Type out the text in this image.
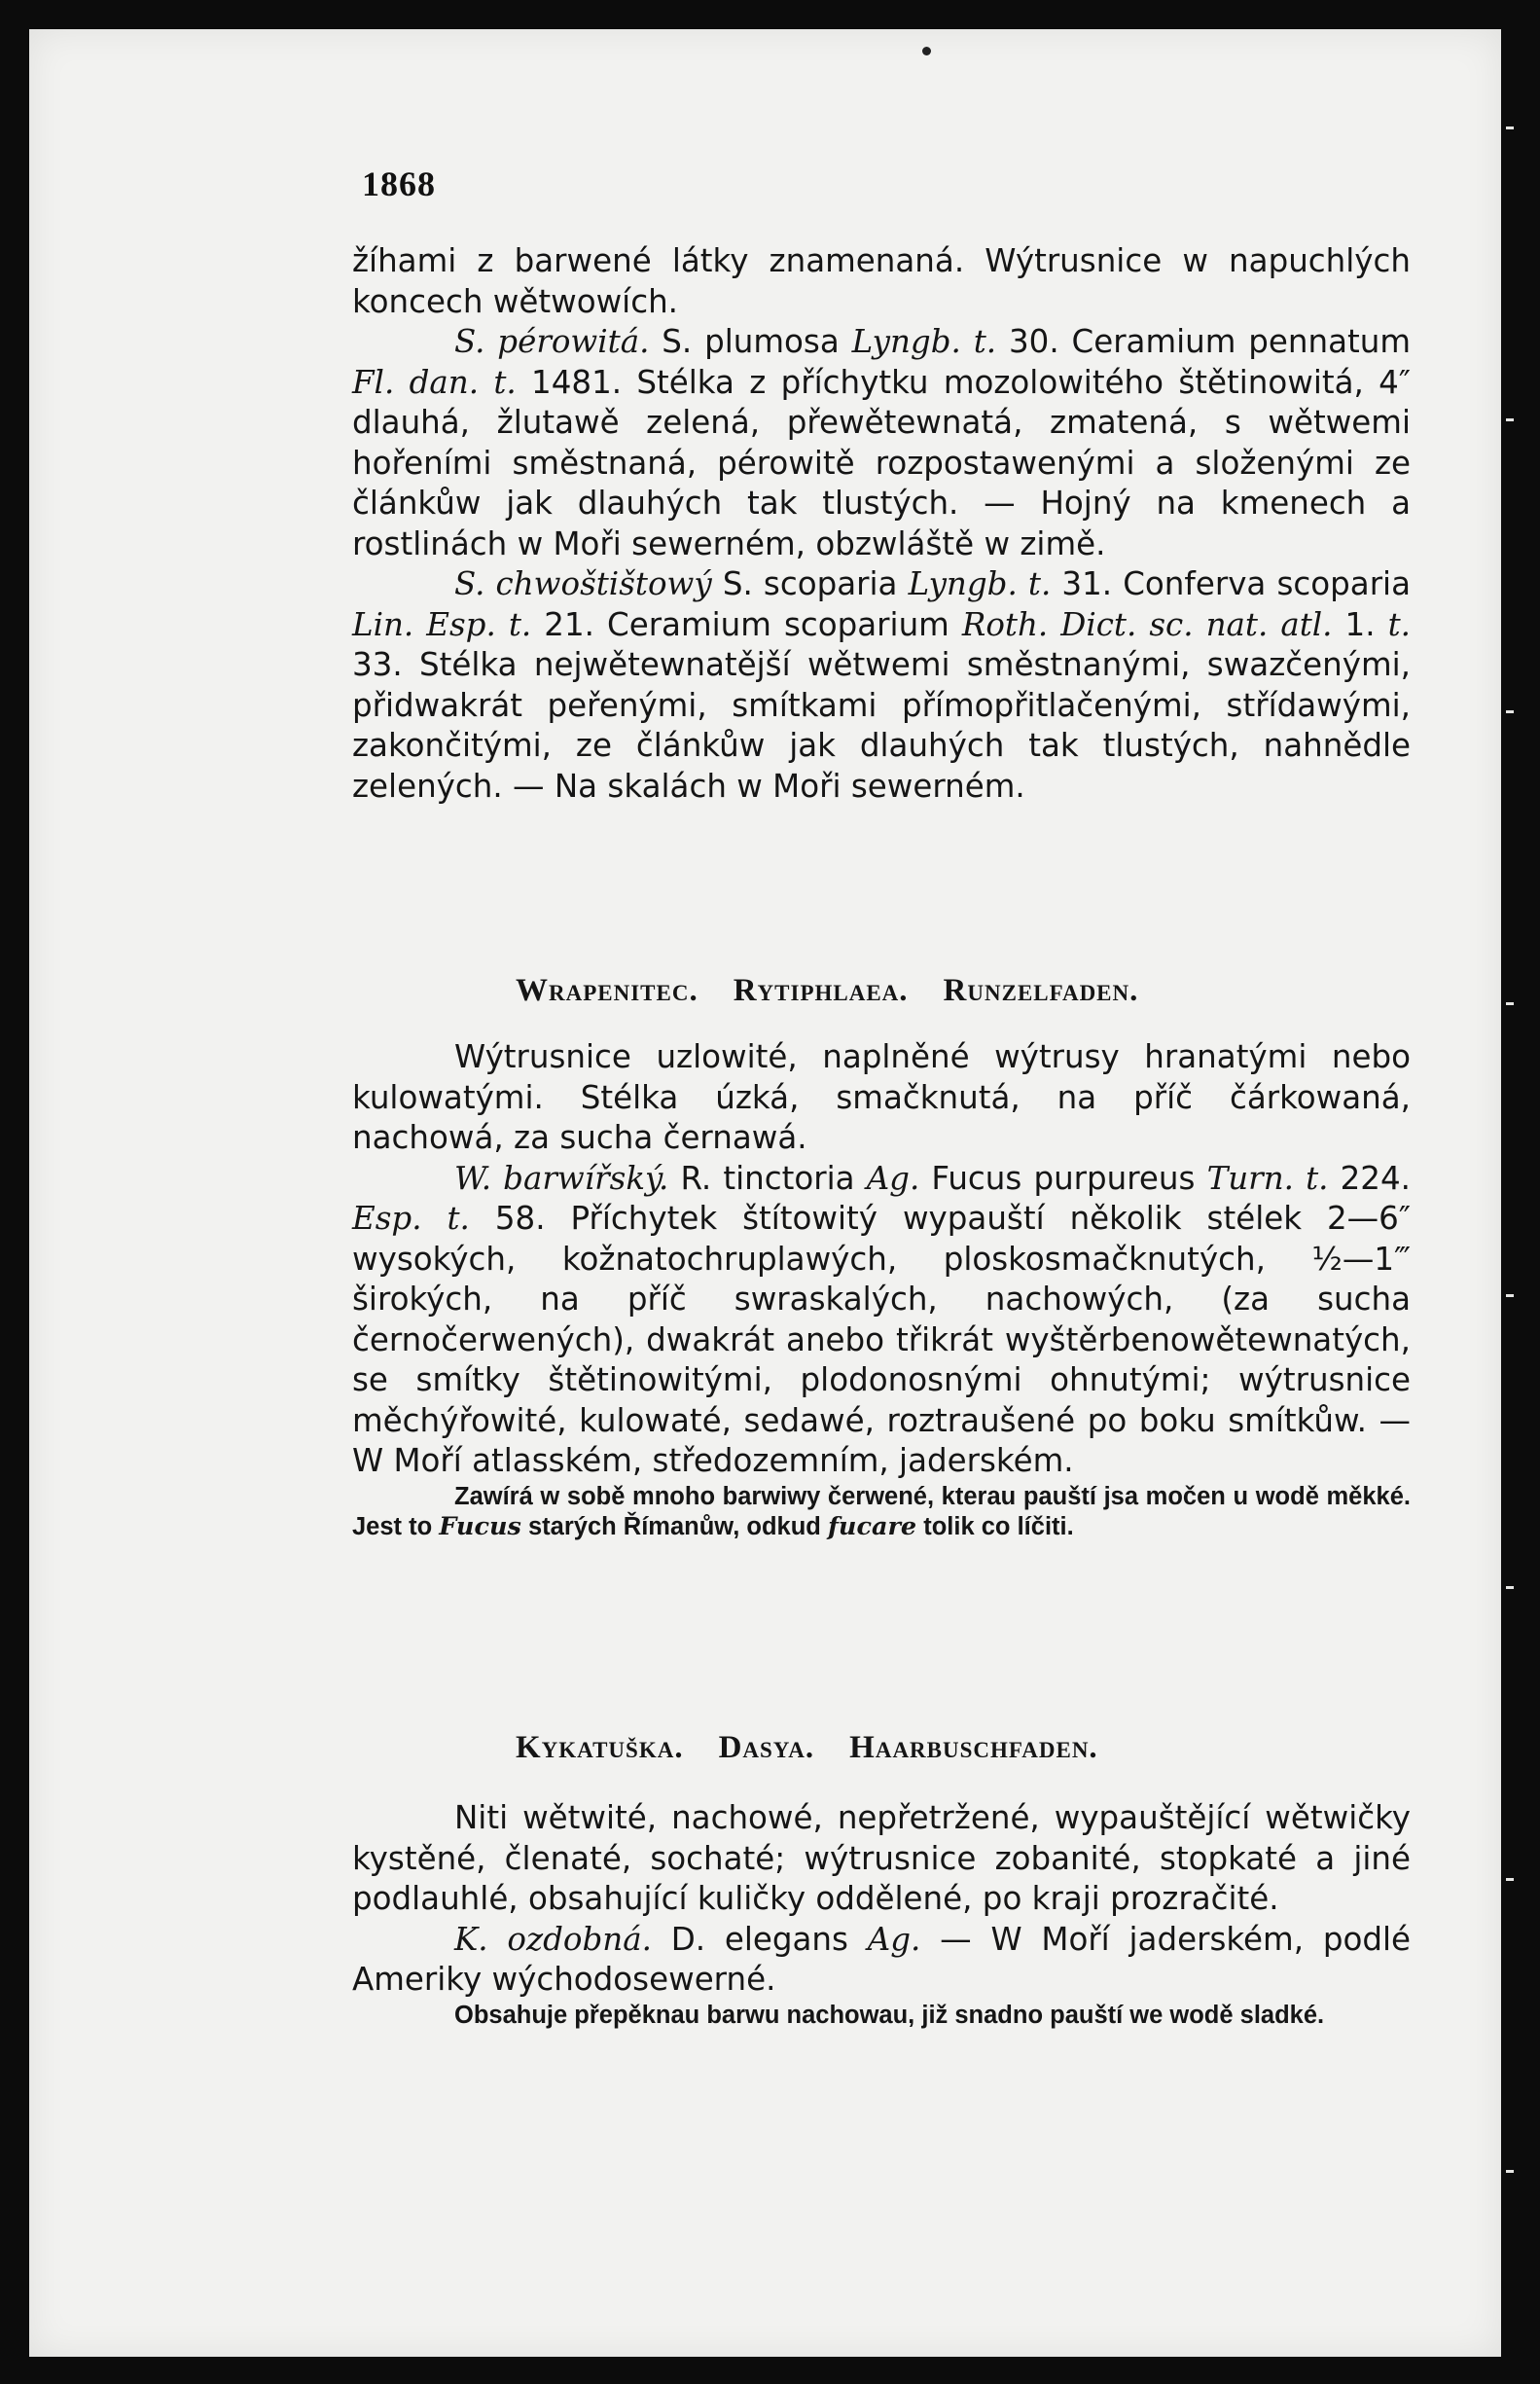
1868

žíhami z barwené látky znamenaná. Wýtrusnice w napuchlých koncech wětwowích.

S. pérowitá. S. plumosa Lyngb. t. 30. Ceramium pennatum Fl. dan. t. 1481. Stélka z příchytku mozolowitého štětinowitá, 4″ dlauhá, žlutawě zelená, přewětewnatá, zmatená, s wětwemi hořeními směstnaná, pérowitě rozpostawenými a složenými ze článkůw jak dlauhých tak tlustých. — Hojný na kmenech a rostlinách w Moři sewerném, obzwláště w zimě.

S. chwoštištowý S. scoparia Lyngb. t. 31. Conferva scoparia Lin. Esp. t. 21. Ceramium scoparium Roth. Dict. sc. nat. atl. 1. t. 33. Stélka nejwětewnatější wětwemi směstnanými, swazčenými, přidwakrát peřenými, smítkami přímopřitlačenými, střídawými, zakončitými, ze článkůw jak dlauhých tak tlustých, nahnědle zelených. — Na skalách w Moři sewerném.

Wrapenitec. Rytiphlaea. Runzelfaden.

Wýtrusnice uzlowité, naplněné wýtrusy hranatými nebo kulowatými. Stélka úzká, smačknutá, na příč čárkowaná, nachowá, za sucha černawá.

W. barwířský. R. tinctoria Ag. Fucus purpureus Turn. t. 224. Esp. t. 58. Příchytek štítowitý wypauští několik stélek 2—6″ wysokých, kožnatochruplawých, ploskosmačknutých, ½—1‴ širokých, na příč swraskalých, nachowých, (za sucha černočerwených), dwakrát anebo třikrát wyštěrbenowětewnatých, se smítky štětinowitými, plodonosnými ohnutými; wýtrusnice měchýřowité, kulowaté, sedawé, roztraušené po boku smítkůw. — W Moří atlasském, středozemním, jaderském.

Zawírá w sobě mnoho barwiwy čerwené, kterau pauští jsa močen u wodě měkké. Jest to Fucus starých Římanůw, odkud fucare tolik co líčiti.

Kykatuška. Dasya. Haarbuschfaden.

Niti wětwité, nachowé, nepřetržené, wypauštějící wětwičky kystěné, členaté, sochaté; wýtrusnice zobanité, stopkaté a jiné podlauhlé, obsahující kuličky oddělené, po kraji prozračité.

K. ozdobná. D. elegans Ag. — W Moří jaderském, podlé Ameriky wýchodosewerné.

Obsahuje přepěknau barwu nachowau, již snadno pauští we wodě sladké.
